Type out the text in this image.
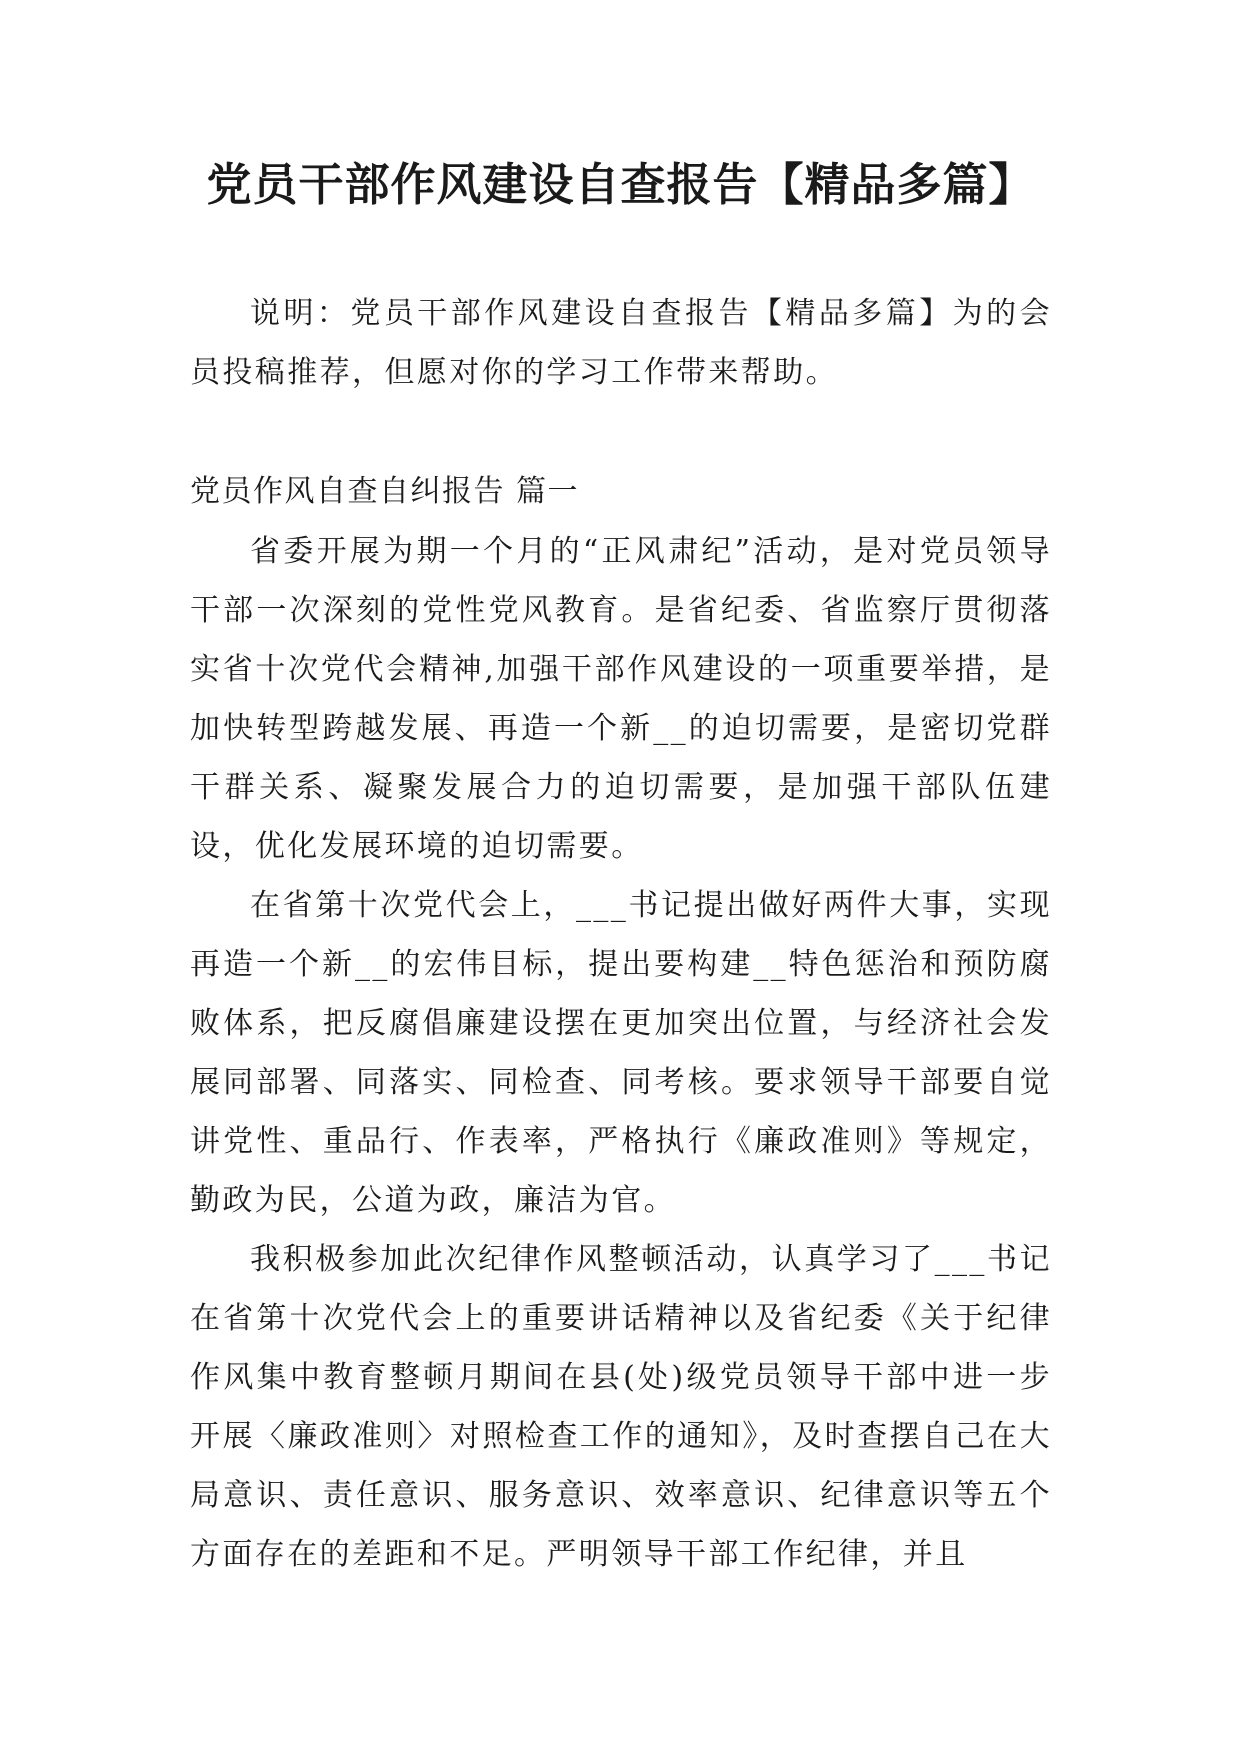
党员干部作风建设自查报告【精品多篇】

说明：党员干部作风建设自查报告【精品多篇】为的会员投稿推荐，但愿对你的学习工作带来帮助。

党员作风自查自纠报告 篇一

省委开展为期一个月的“正风肃纪”活动，是对党员领导干部一次深刻的党性党风教育。是省纪委、省监察厅贯彻落实省十次党代会精神,加强干部作风建设的一项重要举措，是加快转型跨越发展、再造一个新__的迫切需要，是密切党群干群关系、凝聚发展合力的迫切需要，是加强干部队伍建设，优化发展环境的迫切需要。

在省第十次党代会上，___书记提出做好两件大事，实现再造一个新__的宏伟目标，提出要构建__特色惩治和预防腐败体系，把反腐倡廉建设摆在更加突出位置，与经济社会发展同部署、同落实、同检查、同考核。要求领导干部要自觉讲党性、重品行、作表率，严格执行《廉政准则》等规定，勤政为民，公道为政，廉洁为官。

我积极参加此次纪律作风整顿活动，认真学习了___书记在省第十次党代会上的重要讲话精神以及省纪委《关于纪律作风集中教育整顿月期间在县(处)级党员领导干部中进一步开展〈廉政准则〉对照检查工作的通知》，及时查摆自己在大局意识、责任意识、服务意识、效率意识、纪律意识等五个方面存在的差距和不足。严明领导干部工作纪律，并且
